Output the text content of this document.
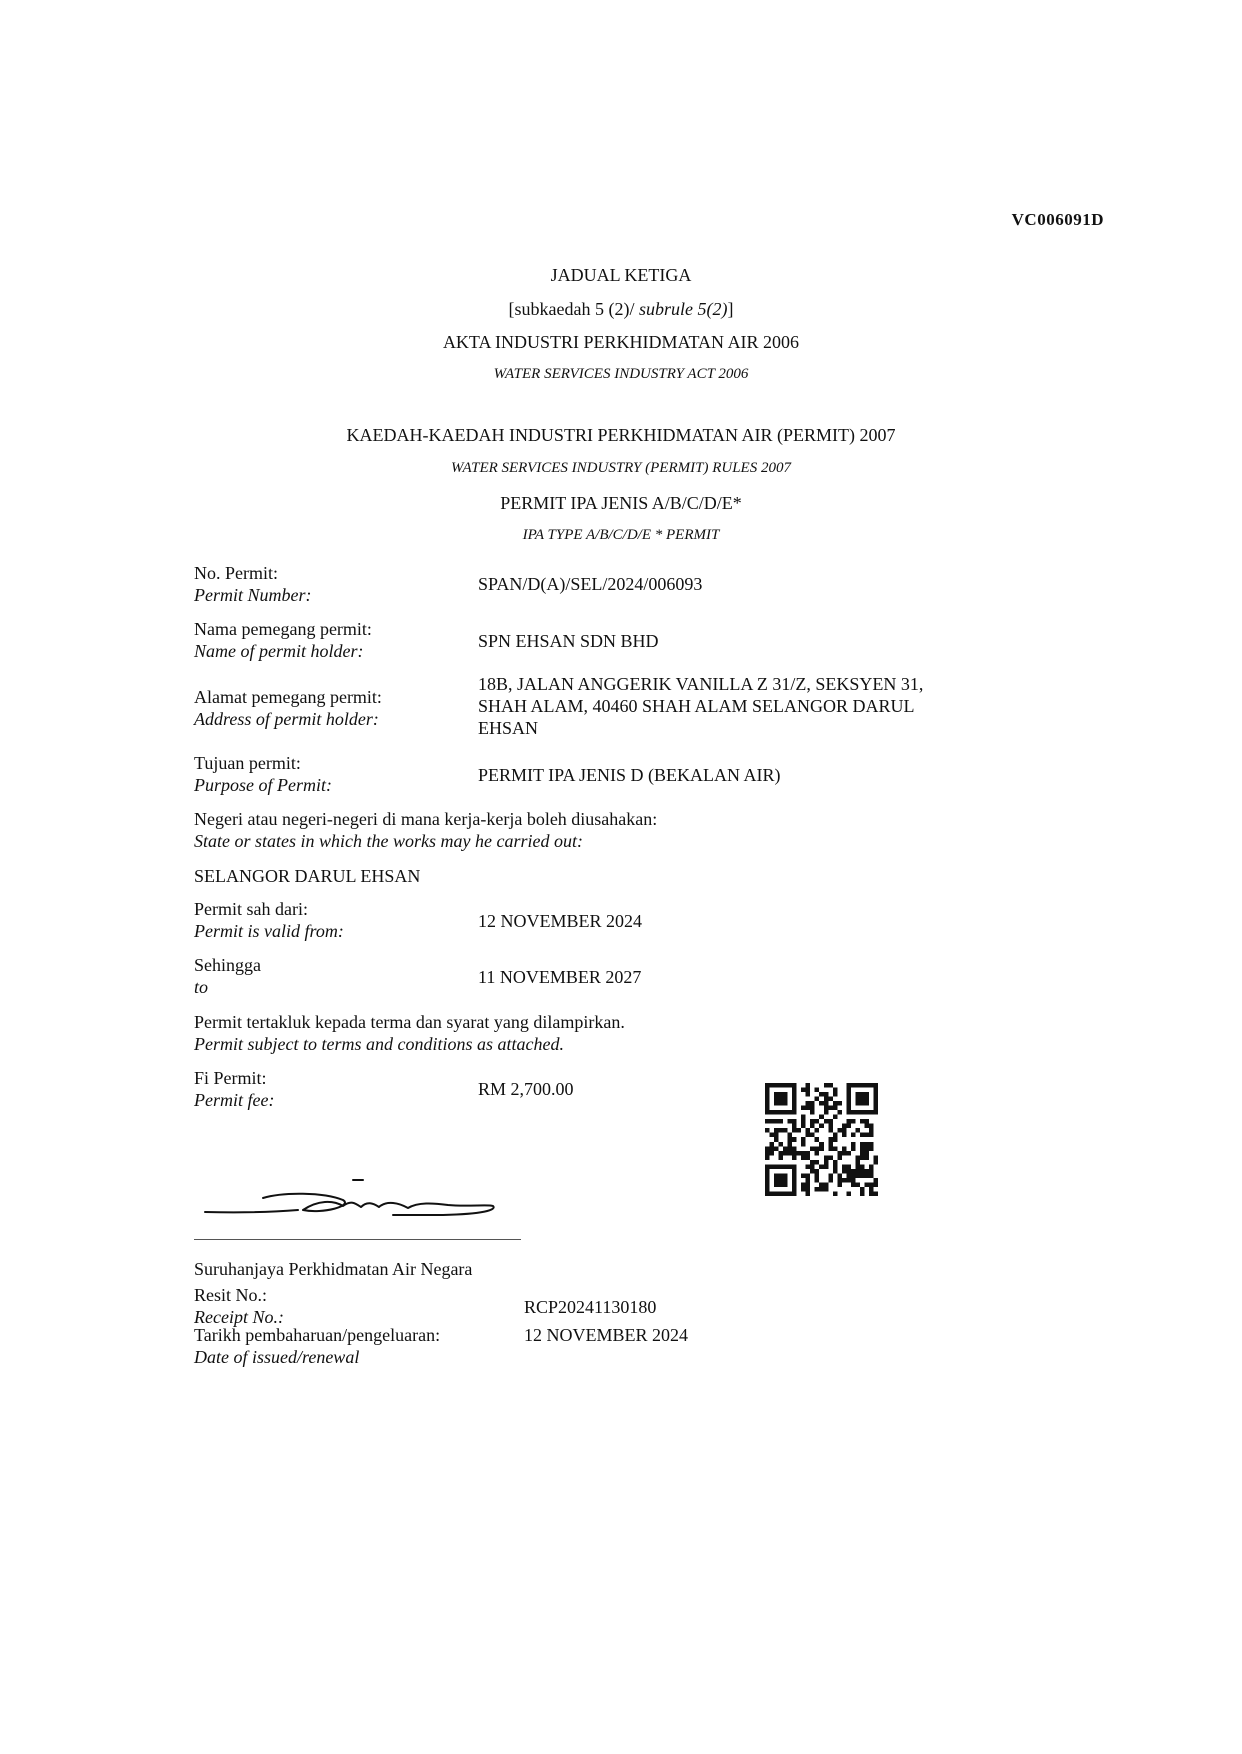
VC006091D
JADUAL KETIGA
[subkaedah 5 (2)/ subrule 5(2)]
AKTA INDUSTRI PERKHIDMATAN AIR 2006
WATER SERVICES INDUSTRY ACT 2006
KAEDAH-KAEDAH INDUSTRI PERKHIDMATAN AIR (PERMIT) 2007
WATER SERVICES INDUSTRY (PERMIT) RULES 2007
PERMIT IPA JENIS A/B/C/D/E*
IPA TYPE A/B/C/D/E * PERMIT
No. Permit:
Permit Number:
SPAN/D(A)/SEL/2024/006093
Nama pemegang permit:
Name of permit holder:	SPN EHSAN SDN BHD
Alamat pemegang permit:
Address of permit holder:
18B, JALAN ANGGERIK VANILLA Z 31/Z, SEKSYEN 31,
SHAH ALAM, 40460 SHAH ALAM SELANGOR DARUL
EHSAN
Tujuan permit:
Purpose of Permit:	PERMIT IPA JENIS D (BEKALAN AIR)
Negeri atau negeri-negeri di mana kerja-kerja boleh diusahakan:
State or states in which the works may he carried out:
SELANGOR DARUL EHSAN
Permit sah dari:
Permit is valid from:	12 NOVEMBER 2024
Sehingga
to	11 NOVEMBER 2027
Permit tertakluk kepada terma dan syarat yang dilampirkan.
Permit subject to terms and conditions as attached.
Fi Permit:
Permit fee:
RM 2,700.00
Suruhanjaya Perkhidmatan Air Negara
Resit No.:
Receipt No.:	RCP20241130180
Tarikh pembaharuan/pengeluaran:
Date of issued/renewal
12 NOVEMBER 2024
